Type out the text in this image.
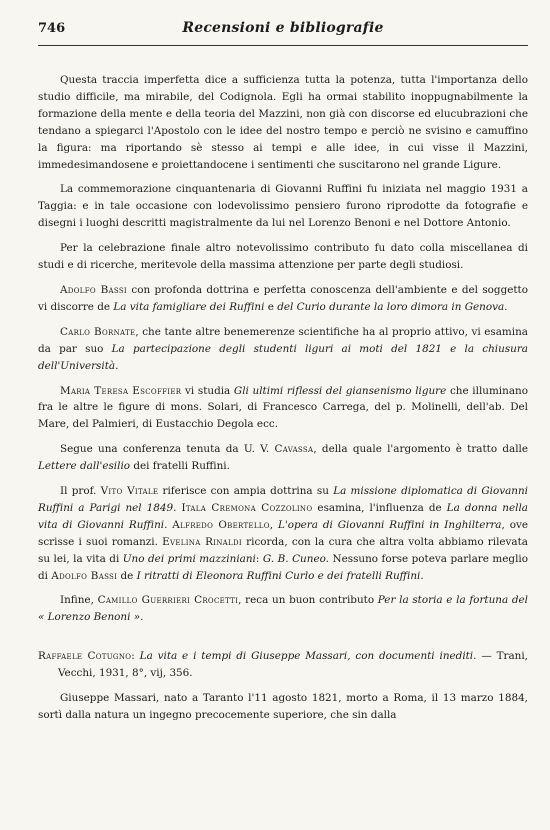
746	Recensioni e bibliografie

Questa traccia imperfetta dice a sufficienza tutta la potenza, tutta l'importanza dello studio difficile, ma mirabile, del Codignola. Egli ha ormai stabilito inoppugnabilmente la formazione della mente e della teoria del Mazzini, non già con discorse ed elucubrazioni che tendano a spiegarci l'Apostolo con le idee del nostro tempo e perciò ne svisino e camuffino la figura: ma riportando sè stesso ai tempi e alle idee, in cui visse il Mazzini, immedesimandosene e proiettandocene i sentimenti che suscitarono nel grande Ligure.

La commemorazione cinquantenaria di Giovanni Ruffini fu iniziata nel maggio 1931 a Taggia: e in tale occasione con lodevolissimo pensiero furono riprodotte da fotografie e disegni i luoghi descritti magistralmente da lui nel Lorenzo Benoni e nel Dottore Antonio.

Per la celebrazione finale altro notevolissimo contributo fu dato colla miscellanea di studi e di ricerche, meritevole della massima attenzione per parte degli studiosi.

Adolfo Bassi con profonda dottrina e perfetta conoscenza dell'ambiente e del soggetto vi discorre de La vita famigliare dei Ruffini e del Curio durante la loro dimora in Genova.

Carlo Bornate, che tante altre benemerenze scientifiche ha al proprio attivo, vi esamina da par suo La partecipazione degli studenti liguri ai moti del 1821 e la chiusura dell'Università.

Maria Teresa Escoffier vi studia Gli ultimi riflessi del giansenismo ligure che illuminano fra le altre le figure di mons. Solari, di Francesco Carrega, del p. Molinelli, dell'ab. Del Mare, del Palmieri, di Eustacchio Degola ecc.

Segue una conferenza tenuta da U. V. Cavassa, della quale l'argomento è tratto dalle Lettere dall'esilio dei fratelli Ruffini.

Il prof. Vito Vitale riferisce con ampia dottrina su La missione diplomatica di Giovanni Ruffini a Parigi nel 1849. Itala Cremona Cozzolino esamina, l'influenza de La donna nella vita di Giovanni Ruffini. Alfredo Obertello, L'opera di Giovanni Ruffini in Inghilterra, ove scrisse i suoi romanzi. Evelina Rinaldi ricorda, con la cura che altra volta abbiamo rilevata su lei, la vita di Uno dei primi mazziniani: G. B. Cuneo. Nessuno forse poteva parlare meglio di Adolfo Bassi de I ritratti di Eleonora Ruffini Curlo e dei fratelli Ruffini.

Infine, Camillo Guerrieri Crocetti, reca un buon contributo Per la storia e la fortuna del « Lorenzo Benoni ».

Raffaele Cotugno: La vita e i tempi di Giuseppe Massari, con documenti inediti. — Trani, Vecchi, 1931, 8°, vij, 356.

Giuseppe Massari, nato a Taranto l'11 agosto 1821, morto a Roma, il 13 marzo 1884, sortì dalla natura un ingegno precocemente superiore, che sin dalla
